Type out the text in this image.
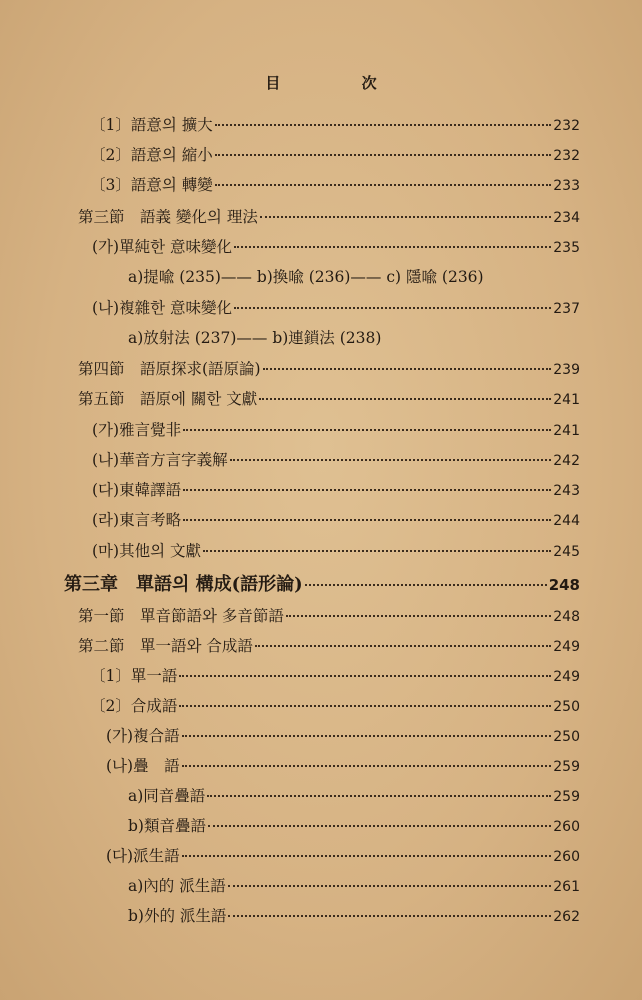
目 次
〔1〕語意의 擴大	232
〔2〕語意의 縮小	232
〔3〕語意의 轉變	233
第三節　語義 變化의 理法	234
(가)單純한 意味變化	235
a)提喩 (235)—— b)換喩 (236)—— c) 隱喩 (236)
(나)複雜한 意味變化	237
a)放射法 (237)—— b)連鎖法 (238)
第四節　語原探求(語原論)	239
第五節　語原에 關한 文獻	241
(가)雅言覺非	241
(나)華音方言字義解	242
(다)東韓譯語	243
(라)東言考略	244
(마)其他의 文獻	245
第三章　單語의 構成(語形論)	248
第一節　單音節語와 多音節語	248
第二節　單一語와 合成語	249
〔1〕單一語	249
〔2〕合成語	250
(가)複合語	250
(나)疊　語	259
a)同音疊語	259
b)類音疊語	260
(다)派生語	260
a)內的 派生語	261
b)外的 派生語	262
